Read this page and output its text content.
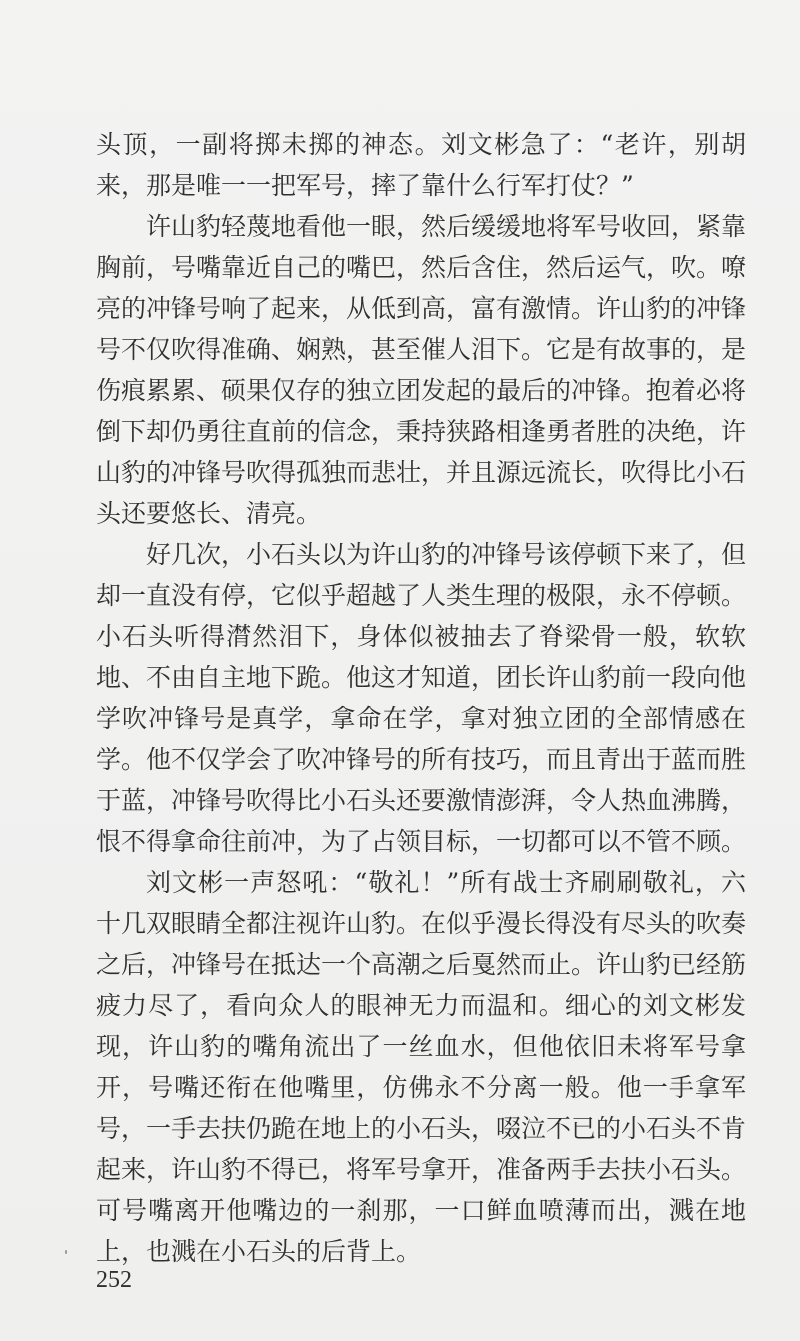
头顶，一副将掷未掷的神态。刘文彬急了：“老许，别胡来，那是唯一一把军号，摔了靠什么行军打仗？”

许山豹轻蔑地看他一眼，然后缓缓地将军号收回，紧靠胸前，号嘴靠近自己的嘴巴，然后含住，然后运气，吹。嘹亮的冲锋号响了起来，从低到高，富有激情。许山豹的冲锋号不仅吹得准确、娴熟，甚至催人泪下。它是有故事的，是伤痕累累、硕果仅存的独立团发起的最后的冲锋。抱着必将倒下却仍勇往直前的信念，秉持狭路相逢勇者胜的决绝，许山豹的冲锋号吹得孤独而悲壮，并且源远流长，吹得比小石头还要悠长、清亮。

好几次，小石头以为许山豹的冲锋号该停顿下来了，但却一直没有停，它似乎超越了人类生理的极限，永不停顿。小石头听得潸然泪下，身体似被抽去了脊梁骨一般，软软地、不由自主地下跪。他这才知道，团长许山豹前一段向他学吹冲锋号是真学，拿命在学，拿对独立团的全部情感在学。他不仅学会了吹冲锋号的所有技巧，而且青出于蓝而胜于蓝，冲锋号吹得比小石头还要激情澎湃，令人热血沸腾，恨不得拿命往前冲，为了占领目标，一切都可以不管不顾。

刘文彬一声怒吼：“敬礼！”所有战士齐刷刷敬礼，六十几双眼睛全都注视许山豹。在似乎漫长得没有尽头的吹奏之后，冲锋号在抵达一个高潮之后戛然而止。许山豹已经筋疲力尽了，看向众人的眼神无力而温和。细心的刘文彬发现，许山豹的嘴角流出了一丝血水，但他依旧未将军号拿开，号嘴还衔在他嘴里，仿佛永不分离一般。他一手拿军号，一手去扶仍跪在地上的小石头，啜泣不已的小石头不肯起来，许山豹不得已，将军号拿开，准备两手去扶小石头。可号嘴离开他嘴边的一刹那，一口鲜血喷薄而出，溅在地上，也溅在小石头的后背上。

252
